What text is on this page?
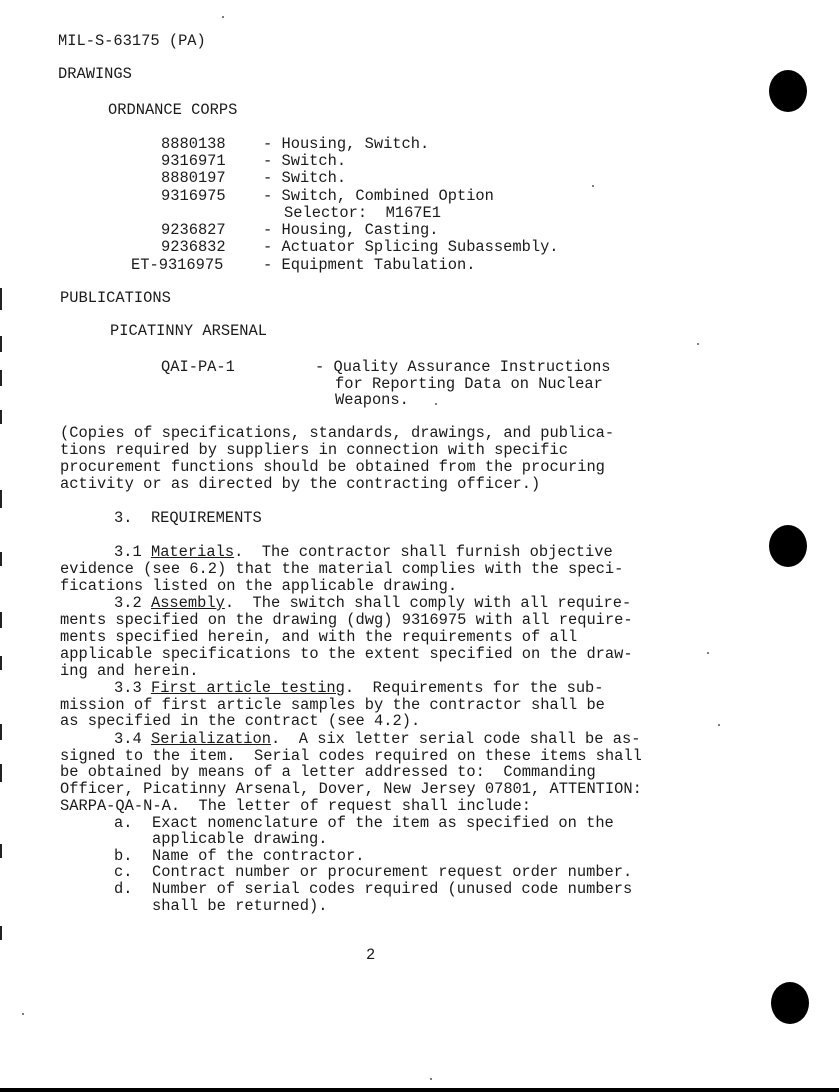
MIL-S-63175 (PA)
DRAWINGS
ORDNANCE CORPS
8880138 - Housing, Switch.
9316971 - Switch.
8880197 - Switch.
9316975 - Switch, Combined Option
Selector:  M167E1
9236827 - Housing, Casting.
9236832 - Actuator Splicing Subassembly.
ET-9316975	- Equipment Tabulation.
PUBLICATIONS
PICATINNY ARSENAL
QAI-PA-1	- Quality Assurance Instructions
for Reporting Data on Nuclear
Weapons.
(Copies of specifications, standards, drawings, and publica-
tions required by suppliers in connection with specific
procurement functions should be obtained from the procuring
activity or as directed by the contracting officer.)
3.  REQUIREMENTS
3.1 Materials.  The contractor shall furnish objective
evidence (see 6.2) that the material complies with the speci-
fications listed on the applicable drawing.
3.2 Assembly.  The switch shall comply with all require-
ments specified on the drawing (dwg) 9316975 with all require-
ments specified herein, and with the requirements of all
applicable specifications to the extent specified on the draw-
ing and herein.
3.3 First article testing.  Requirements for the sub-
mission of first article samples by the contractor shall be
as specified in the contract (see 4.2).
3.4 Serialization.  A six letter serial code shall be as-
signed to the item.  Serial codes required on these items shall
be obtained by means of a letter addressed to:  Commanding
Officer, Picatinny Arsenal, Dover, New Jersey 07801, ATTENTION:
SARPA-QA-N-A.  The letter of request shall include:
a. Exact nomenclature of the item as specified on the
applicable drawing.
b. Name of the contractor.
c. Contract number or procurement request order number.
d. Number of serial codes required (unused code numbers
shall be returned).
2
